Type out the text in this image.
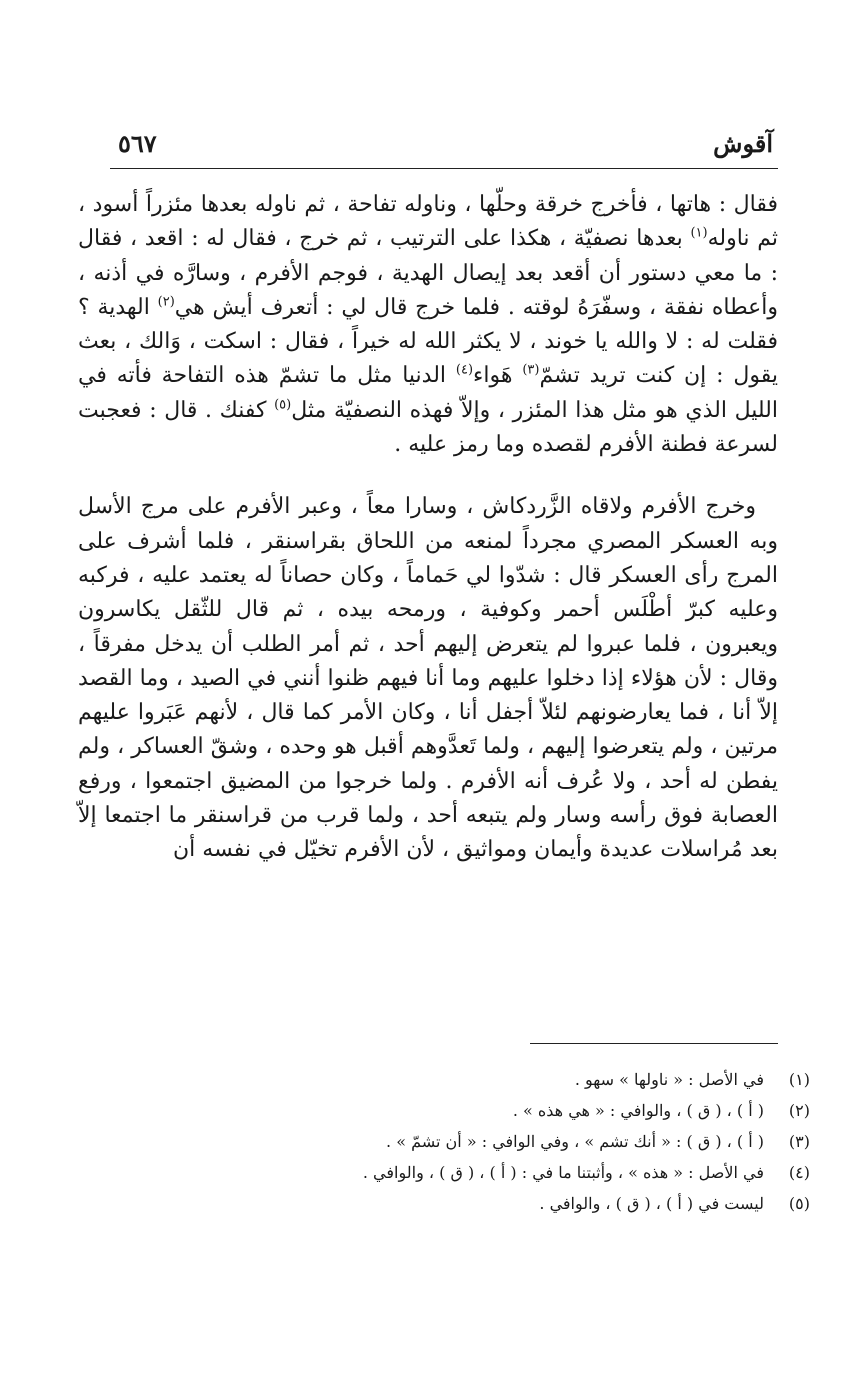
آقوش
٥٦٧

فقال : هاتها ، فأخرج خرقة وحلّها ، وناوله تفاحة ، ثم ناوله بعدها مئزراً أسود ، ثم ناوله$^{(١)}$ بعدها نصفيّة ، هكذا على الترتيب ، ثم خرج ، فقال له : اقعد ، فقال : ما معي دستور أن أقعد بعد إيصال الهدية ، فوجم الأفرم ، وسارَّه في أذنه ، وأعطاه نفقة ، وسفّرَهُ لوقته . فلما خرج قال لي : أتعرف أيش هي$^{(٢)}$ الهدية ؟ فقلت له : لا والله يا خوند ، لا يكثر الله له خيراً ، فقال : اسكت ، وَالك ، بعث يقول : إن كنت تريد تشمّ$^{(٣)}$ هَواء$^{(٤)}$ الدنيا مثل ما تشمّ هذه التفاحة فأته في الليل الذي هو مثل هذا المئزر ، وإلاّ فهذه النصفيّة مثل$^{(٥)}$ كفنك . قال : فعجبت لسرعة فطنة الأفرم لقصده وما رمز عليه .

وخرج الأفرم ولاقاه الزَّردكاش ، وسارا معاً ، وعبر الأفرم على مرج الأسل وبه العسكر المصري مجرداً لمنعه من اللحاق بقراسنقر ، فلما أشرف على المرج رأى العسكر قال : شدّوا لي حَماماً ، وكان حصاناً له يعتمد عليه ، فركبه وعليه كبرّ أطْلَس أحمر وكوفية ، ورمحه بيده ، ثم قال للثّقل يكاسرون ويعبرون ، فلما عبروا لم يتعرض إليهم أحد ، ثم أمر الطلب أن يدخل مفرقاً ، وقال : لأن هؤلاء إذا دخلوا عليهم وما أنا فيهم ظنوا أنني في الصيد ، وما القصد إلاّ أنا ، فما يعارضونهم لئلاّ أجفل أنا ، وكان الأمر كما قال ، لأنهم عَبَروا عليهم مرتين ، ولم يتعرضوا إليهم ، ولما تَعدَّوهم أقبل هو وحده ، وشقّ العساكر ، ولم يفطن له أحد ، ولا عُرف أنه الأفرم . ولما خرجوا من المضيق اجتمعوا ، ورفع العصابة فوق رأسه وسار ولم يتبعه أحد ، ولما قرب من قراسنقر ما اجتمعا إلاّ بعد مُراسلات عديدة وأيمان ومواثيق ، لأن الأفرم تخيّل في نفسه أن

(١)
في الأصل : « ناولها » سهو .
(٢)
( أ ) ، ( ق ) ، والوافي : « هي هذه » .
(٣)
( أ ) ، ( ق ) : « أنك تشم » ، وفي الوافي : « أن تشمّ » .
(٤)
في الأصل : « هذه » ، وأثبتنا ما في : ( أ ) ، ( ق ) ، والوافي .
(٥)
ليست في ( أ ) ، ( ق ) ، والوافي .
